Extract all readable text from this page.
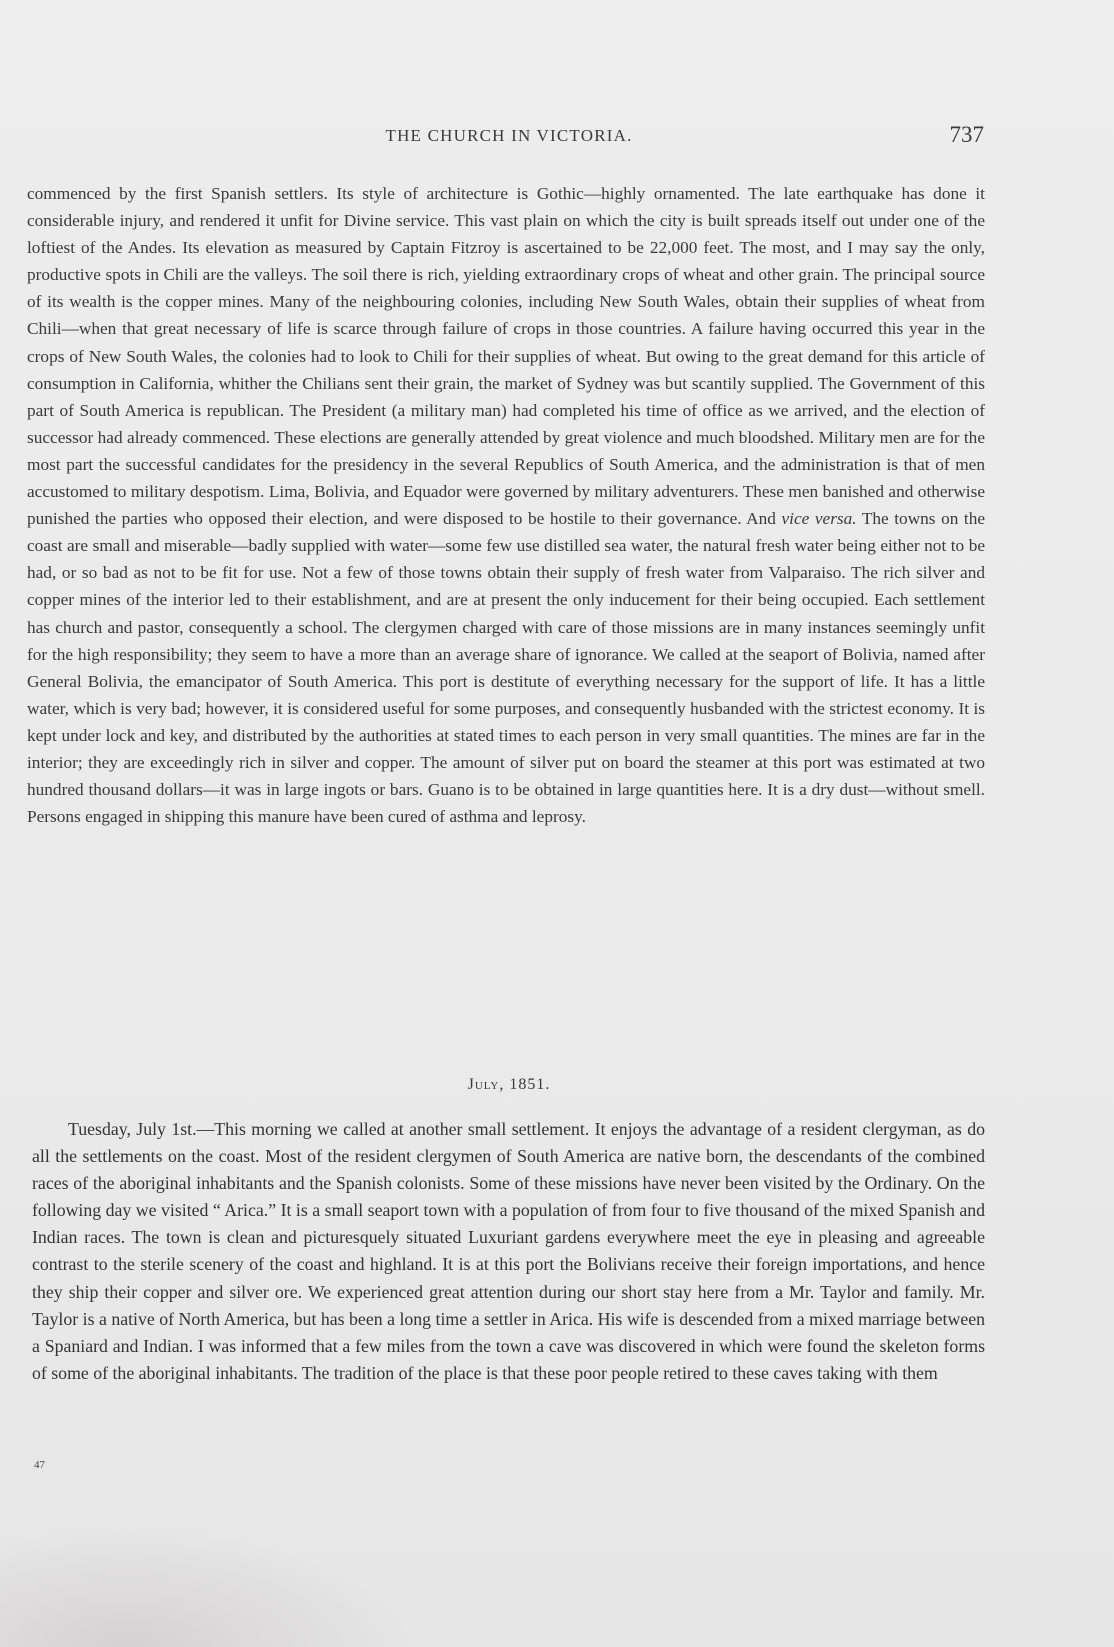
THE CHURCH IN VICTORIA.	737

commenced by the first Spanish settlers. Its style of architecture is Gothic—highly ornamented. The late earthquake has done it considerable injury, and rendered it unfit for Divine service. This vast plain on which the city is built spreads itself out under one of the loftiest of the Andes. Its elevation as measured by Captain Fitzroy is ascertained to be 22,000 feet. The most, and I may say the only, productive spots in Chili are the valleys. The soil there is rich, yielding extraordinary crops of wheat and other grain. The principal source of its wealth is the copper mines. Many of the neighbouring colonies, including New South Wales, obtain their supplies of wheat from Chili—when that great necessary of life is scarce through failure of crops in those countries. A failure having occurred this year in the crops of New South Wales, the colonies had to look to Chili for their supplies of wheat. But owing to the great demand for this article of consumption in California, whither the Chilians sent their grain, the market of Sydney was but scantily supplied. The Government of this part of South America is republican. The President (a military man) had completed his time of office as we arrived, and the election of successor had already commenced. These elections are generally attended by great violence and much bloodshed. Military men are for the most part the successful candidates for the presidency in the several Republics of South America, and the administration is that of men accustomed to military despotism. Lima, Bolivia, and Equador were governed by military adventurers. These men banished and otherwise punished the parties who opposed their election, and were disposed to be hostile to their governance. And vice versa. The towns on the coast are small and miserable—badly supplied with water—some few use distilled sea water, the natural fresh water being either not to be had, or so bad as not to be fit for use. Not a few of those towns obtain their supply of fresh water from Valparaiso. The rich silver and copper mines of the interior led to their establishment, and are at present the only inducement for their being occupied. Each settlement has church and pastor, consequently a school. The clergymen charged with care of those missions are in many instances seemingly unfit for the high responsibility; they seem to have a more than an average share of ignorance. We called at the seaport of Bolivia, named after General Bolivia, the emancipator of South America. This port is destitute of everything necessary for the support of life. It has a little water, which is very bad; however, it is considered useful for some purposes, and consequently husbanded with the strictest economy. It is kept under lock and key, and distributed by the authorities at stated times to each person in very small quantities. The mines are far in the interior; they are exceedingly rich in silver and copper. The amount of silver put on board the steamer at this port was estimated at two hundred thousand dollars—it was in large ingots or bars. Guano is to be obtained in large quantities here. It is a dry dust—without smell. Persons engaged in shipping this manure have been cured of asthma and leprosy.

July, 1851.

Tuesday, July 1st.—This morning we called at another small settlement. It enjoys the advantage of a resident clergyman, as do all the settlements on the coast. Most of the resident clergymen of South America are native born, the descendants of the combined races of the aboriginal inhabitants and the Spanish colonists. Some of these missions have never been visited by the Ordinary. On the following day we visited “ Arica.” It is a small seaport town with a population of from four to five thousand of the mixed Spanish and Indian races. The town is clean and picturesquely situated Luxuriant gardens everywhere meet the eye in pleasing and agreeable contrast to the sterile scenery of the coast and highland. It is at this port the Bolivians receive their foreign importations, and hence they ship their copper and silver ore. We experienced great attention during our short stay here from a Mr. Taylor and family. Mr. Taylor is a native of North America, but has been a long time a settler in Arica. His wife is descended from a mixed marriage between a Spaniard and Indian. I was informed that a few miles from the town a cave was discovered in which were found the skeleton forms of some of the aboriginal inhabitants. The tradition of the place is that these poor people retired to these caves taking with them

47
